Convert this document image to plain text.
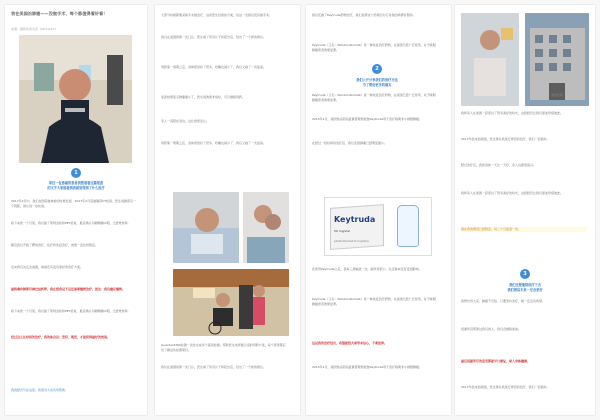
我在美国治肺癌——没做手术、每个都值得看好看！
来源：最新优质文章（00:14:47）
1
家住一位患癌的患者我想看看这篇报道
的文字大家能看到我就觉得到了什么医疗
2017年2月中，我们在医院做体检的时候发现，2017年2月底做胸部CT检查，医生说肺部有一个阴影，建议进一步检查。
接下来的一个月里，我们做了穿刺活检和PET检查，最后确诊为肺腺癌IV期，已经骨转移。
随后我们开始了靶向治疗、化疗和免疫治疗，效果一直比较稳定。
后来我们决定去美国，看看还有没有更好的治疗方案。
最终确诊肺部有淋巴结转移，我在想我是不是还需要继续治疗。医生：我们建议继续。
接下来的一个月里，我们做了穿刺活检和PET检查，最后确诊为肺腺癌IV期，已经骨转移。
经过这么长时间的治疗，我的体会是：坚持，规范，才能获得最好的效果。
我的经历写在这里，希望对大家有所帮助。
大部分时候都要采取手术做治疗，这是医生给我的方案，但这一次我们没有做手术。
我们在美国的第一次门诊，医生看了所有片子和报告后，给出了一个新的建议。
用药第一周期之后，身体感觉好了很多，咳嗽也减少了，我们又做了一次复查。
复查结果显示肿瘤缩小了，医生说效果非常好，可以继续用药。
家人一直陪在身边，这让我很安心。
用药第一周期之后，身体感觉好了很多，咳嗽也减少了，我们又做了一次复查。
Guardant360检测一次性完成多个基因检测，帮助医生选择最合适的用药方案，每个患者都应该了解这些检测项目。
我们在美国的第一次门诊，医生看了所有片子和报告后，给出了一个新的建议。
我们还做了Keytruda药物治疗，我们选择这个药是因为它对我的病情有帮助。
Keytruda（又名：Pembrolizumab）是一种免疫治疗药物，在美国已经广泛使用，对于晚期肺癌患者效果显著。
2
我们公开分享我们的治疗方法
为了帮助更多的病友
Keytruda（又名：Pembrolizumab）是一种免疫治疗药物，在美国已经广泛使用，对于晚期肺癌患者效果显著。
2015年1月，美国食品药品监督管理局批准Keytruda用于治疗晚期非小细胞肺癌。
在经过一段时间的治疗后，我们发现肿瘤已经明显缩小。
Keytruda
50 mg/vial
pembrolizumab for injection
在使用Keytruda之后，我每三周输液一次，副作用很小，生活基本没有受到影响。
Keytruda（又名：Pembrolizumab）是一种免疫治疗药物，在美国已经广泛使用，对于晚期肺癌患者效果显著。
这是我的治疗经历，希望能给大家带来信心，不要放弃。
2015年1月，美国食品药品监督管理局批准Keytruda用于治疗晚期非小细胞肺癌。
美国医院
我和家人在美国一起度过了很多美好的时光，这段经历让我们更加珍惜彼此。
2017年我来到美国，医生建议我进行规范的治疗，我们一起面对。
经过治疗后，我的身体一天比一天好，家人也都很高兴。
我和家人在美国一起度过了很多美好的时光，这段经历让我们更加珍惜彼此。
现在我的情况已经稳定，每三个月复查一次。
3
我们还要继续治疗下去
我们相信未来一定会更好
我想告诉大家，肺癌不可怕，只要坚持治疗，就一定会有希望。
感谢所有帮助过我们的人，我们会继续加油。
最后祝愿所有的患者都能早日康复，家人身体健康。
2017年我来到美国，医生建议我进行规范的治疗，我们一起面对。
